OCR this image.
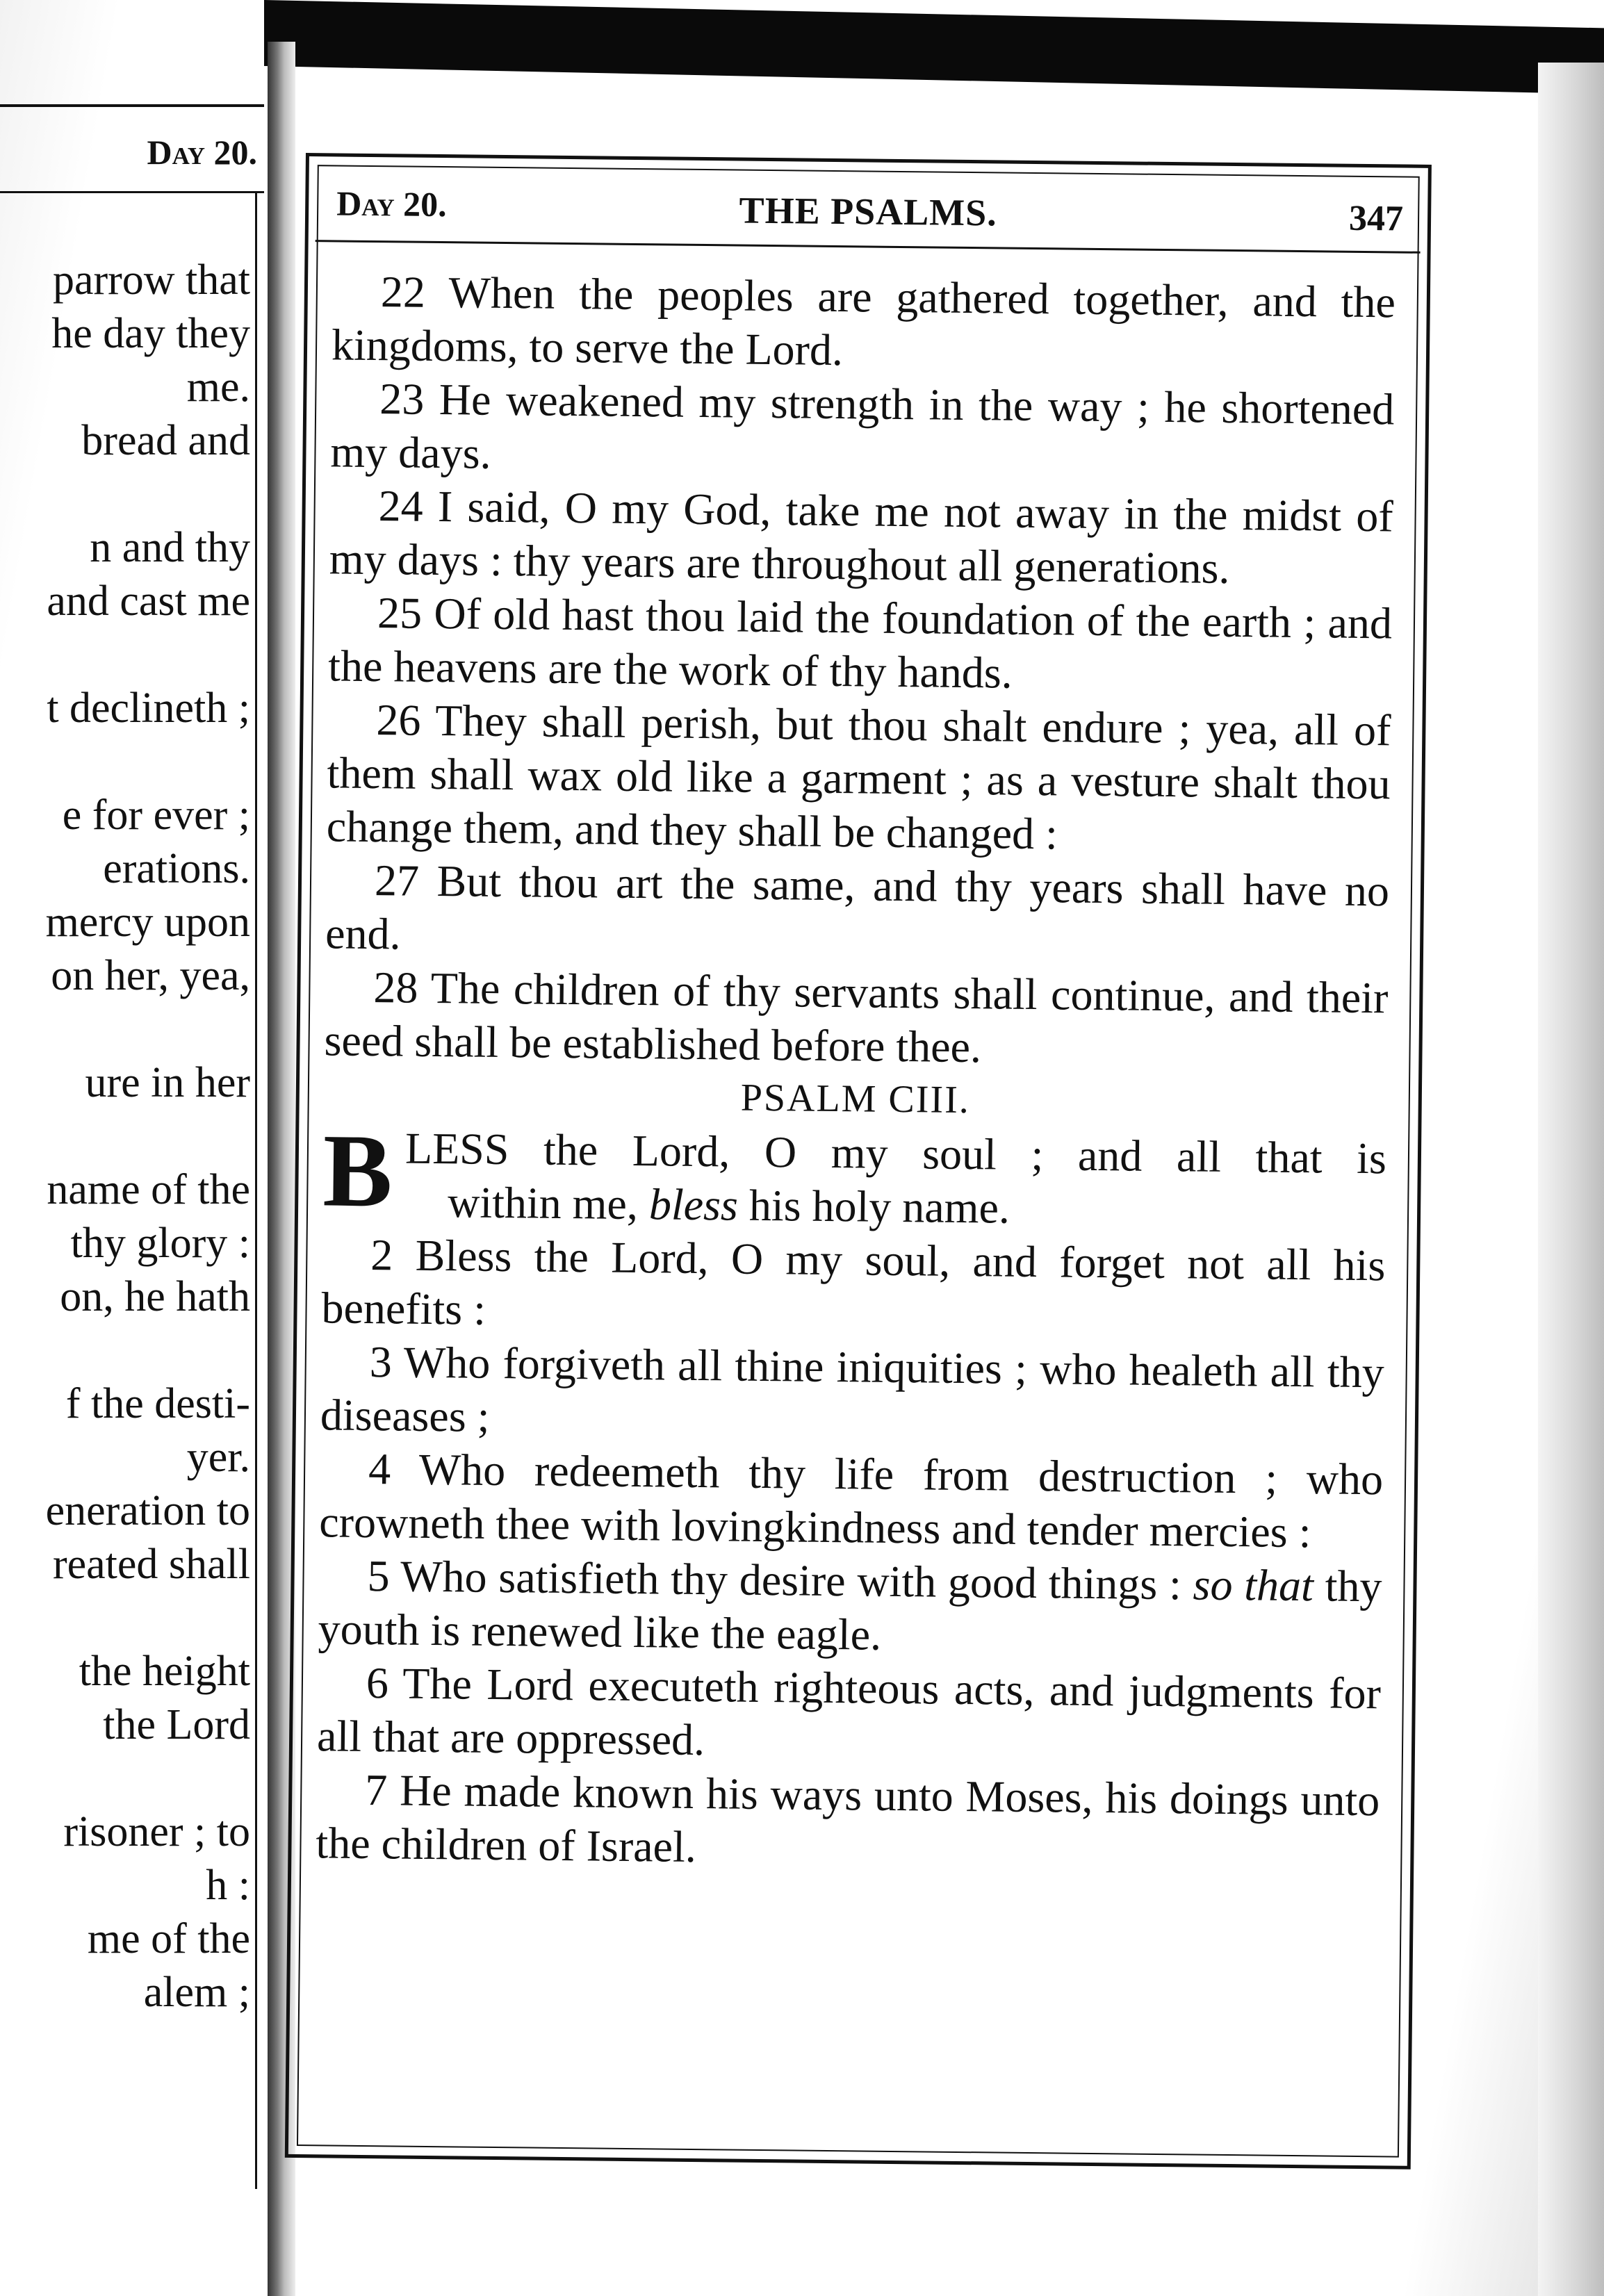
Day 20.
parrow that
he day they
me.
bread and
n and thy
and cast me
t declineth ;
e for ever ;
erations.
mercy upon
on her, yea,
ure in her
name of the
thy glory :
on, he hath
f the desti-
yer.
eneration to
reated shall
the height
the Lord
risoner ; to
h :
me of the
alem ;
Day 20.	THE PSALMS.	347

22 When the peoples are gathered together, and the kingdoms, to serve the Lord.

23 He weakened my strength in the way ; he shortened my days.

24 I said, O my God, take me not away in the midst of my days : thy years are throughout all generations.

25 Of old hast thou laid the foundation of the earth ; and the heavens are the work of thy hands.

26 They shall perish, but thou shalt endure ; yea, all of them shall wax old like a garment ; as a vesture shalt thou change them, and they shall be changed :

27 But thou art the same, and thy years shall have no end.

28 The children of thy servants shall continue, and their seed shall be established before thee.

PSALM CIII.

B LESS the Lord, O my soul ; and all that is
within me, bless his holy name.

2 Bless the Lord, O my soul, and forget not all his benefits :

3 Who forgiveth all thine iniquities ; who healeth all thy diseases ;

4 Who redeemeth thy life from destruction ; who crowneth thee with lovingkindness and tender mercies :

5 Who satisfieth thy desire with good things : so that thy youth is renewed like the eagle.

6 The Lord executeth righteous acts, and judgments for all that are oppressed.

7 He made known his ways unto Moses, his doings unto the children of Israel.
